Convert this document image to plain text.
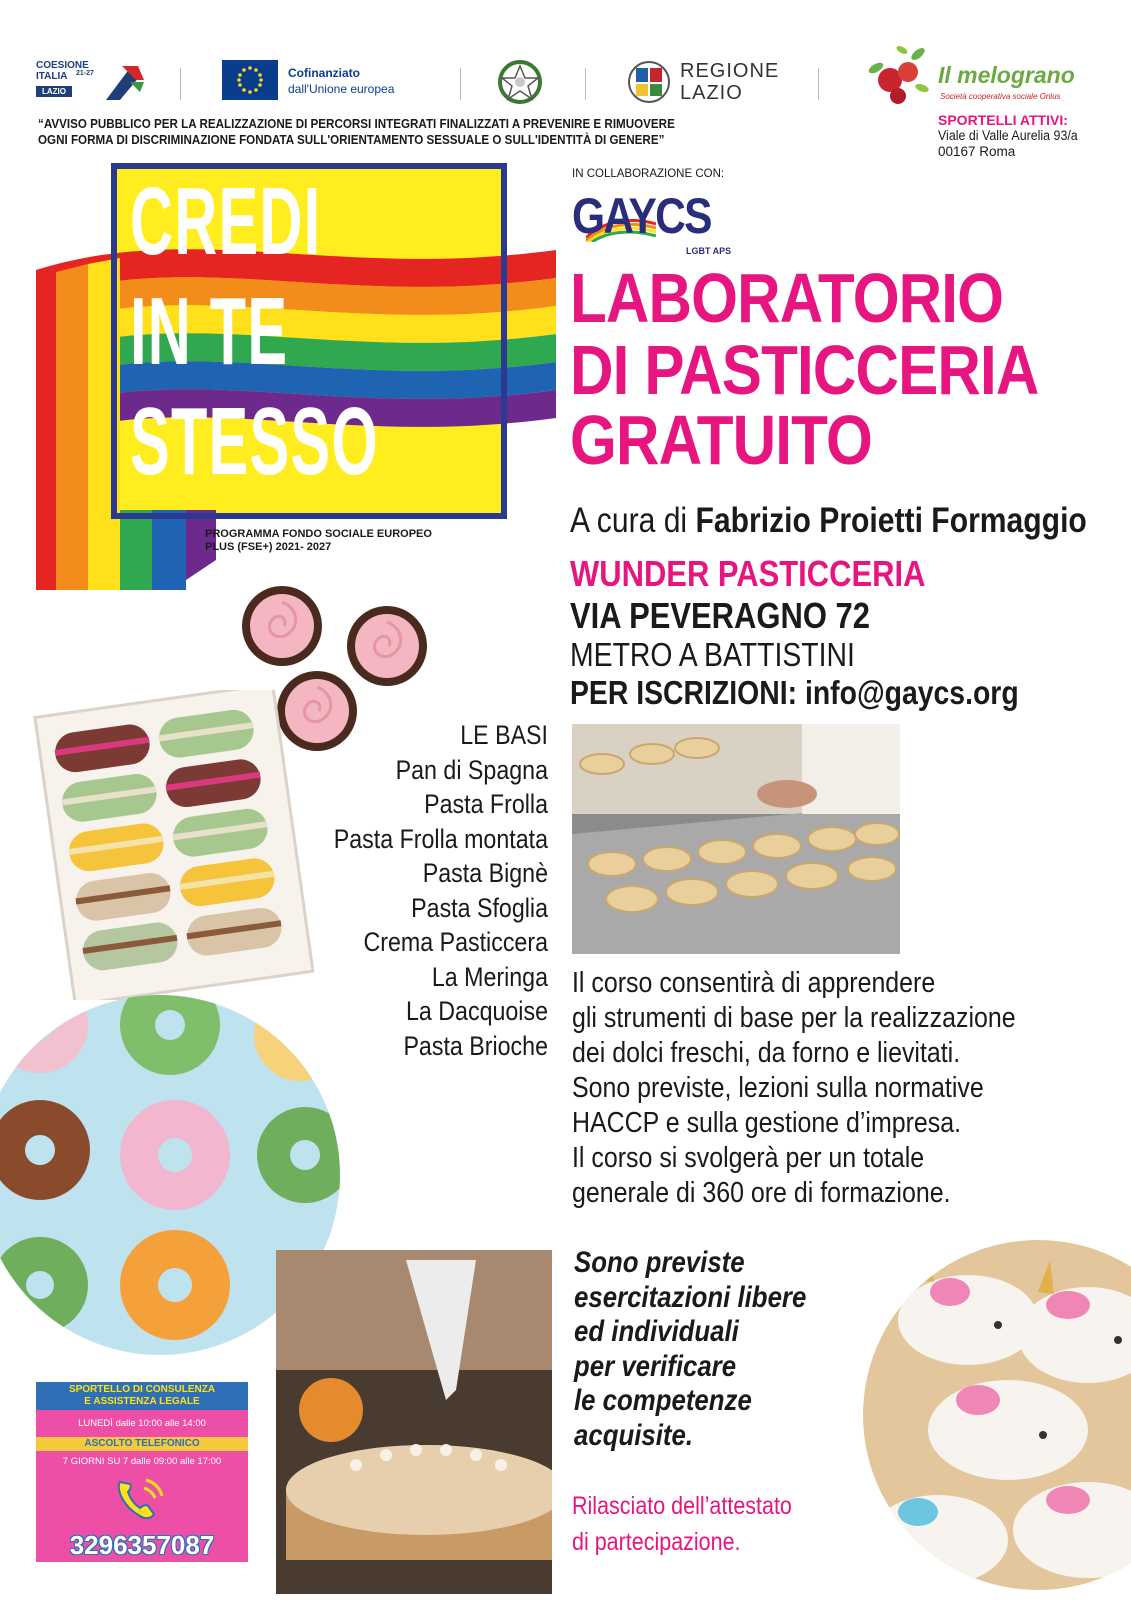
COESIONE
ITALIA 21-27
LAZIO
Cofinanziato
dall'Unione europea
REGIONE
LAZIO
Il melograno
Società cooperativa sociale Onlus
“AVVISO PUBBLICO PER LA REALIZZAZIONE DI PERCORSI INTEGRATI FINALIZZATI A PREVENIRE E RIMUOVERE
OGNI FORMA DI DISCRIMINAZIONE FONDATA SULL'ORIENTAMENTO SESSUALE O SULL'IDENTITÀ DI GENERE”
SPORTELLI ATTIVI:
Viale di Valle Aurelia 93/a
00167 Roma
CREDI
IN TE
STESSO
PROGRAMMA FONDO SOCIALE EUROPEO
PLUS (FSE+) 2021- 2027
IN COLLABORAZIONE CON:
GAYCS
LGBT APS
LABORATORIO
DI PASTICCERIA
GRATUITO
A cura di Fabrizio Proietti Formaggio
WUNDER PASTICCERIA
VIA PEVERAGNO 72
METRO A BATTISTINI
PER ISCRIZIONI: info@gaycs.org
LE BASI
Pan di Spagna
Pasta Frolla
Pasta Frolla montata
Pasta Bignè
Pasta Sfoglia
Crema Pasticcera
La Meringa
La Dacquoise
Pasta Brioche
Il corso consentirà di apprendere
gli strumenti di base per la realizzazione
dei dolci freschi, da forno e lievitati.
Sono previste, lezioni sulla normative
HACCP e sulla gestione d’impresa.
Il corso si svolgerà per un totale
generale di 360 ore di formazione.
Sono previste
esercitazioni libere
ed individuali
per verificare
le competenze
acquisite.
Rilasciato dell’attestato
di partecipazione.
SPORTELLO DI CONSULENZA
E ASSISTENZA LEGALE
LUNEDÌ dalle 10:00 alle 14:00
ASCOLTO TELEFONICO
7 GIORNI SU 7 dalle 09:00 alle 17:00
3296357087
